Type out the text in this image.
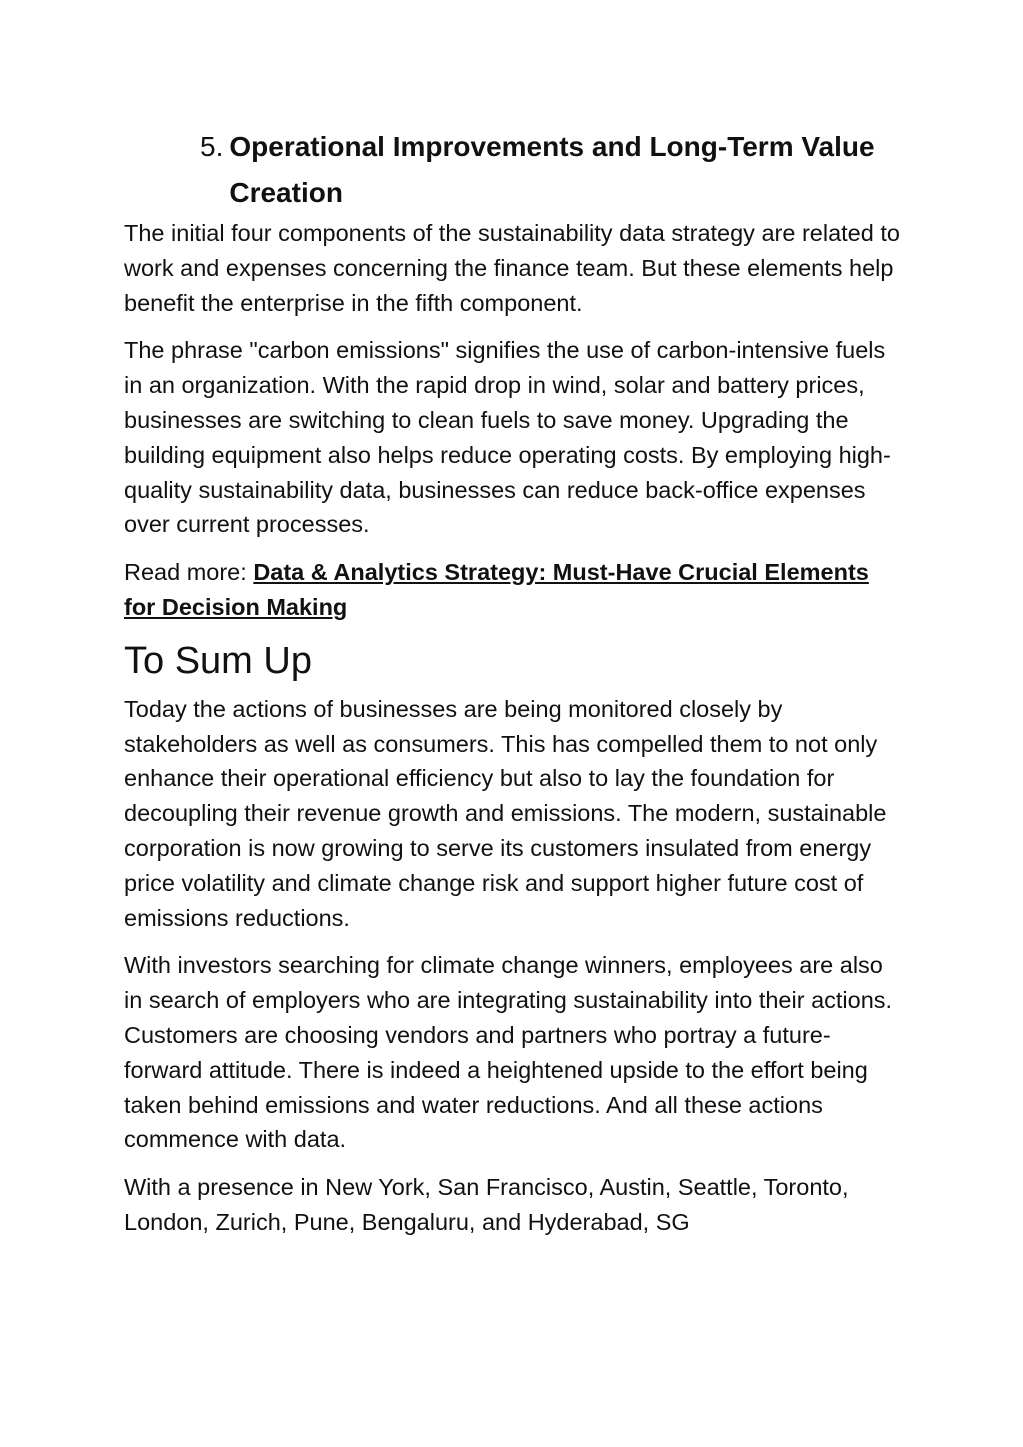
5. Operational Improvements and Long-Term Value Creation

The initial four components of the sustainability data strategy are related to work and expenses concerning the finance team. But these elements help benefit the enterprise in the fifth component.

The phrase "carbon emissions" signifies the use of carbon-intensive fuels in an organization. With the rapid drop in wind, solar and battery prices, businesses are switching to clean fuels to save money. Upgrading the building equipment also helps reduce operating costs. By employing high-quality sustainability data, businesses can reduce back-office expenses over current processes.

Read more: Data & Analytics Strategy: Must-Have Crucial Elements for Decision Making

To Sum Up

Today the actions of businesses are being monitored closely by stakeholders as well as consumers. This has compelled them to not only enhance their operational efficiency but also to lay the foundation for decoupling their revenue growth and emissions. The modern, sustainable corporation is now growing to serve its customers insulated from energy price volatility and climate change risk and support higher future cost of emissions reductions.

With investors searching for climate change winners, employees are also in search of employers who are integrating sustainability into their actions. Customers are choosing vendors and partners who portray a future-forward attitude. There is indeed a heightened upside to the effort being taken behind emissions and water reductions. And all these actions commence with data.

With a presence in New York, San Francisco, Austin, Seattle, Toronto, London, Zurich, Pune, Bengaluru, and Hyderabad, SG
